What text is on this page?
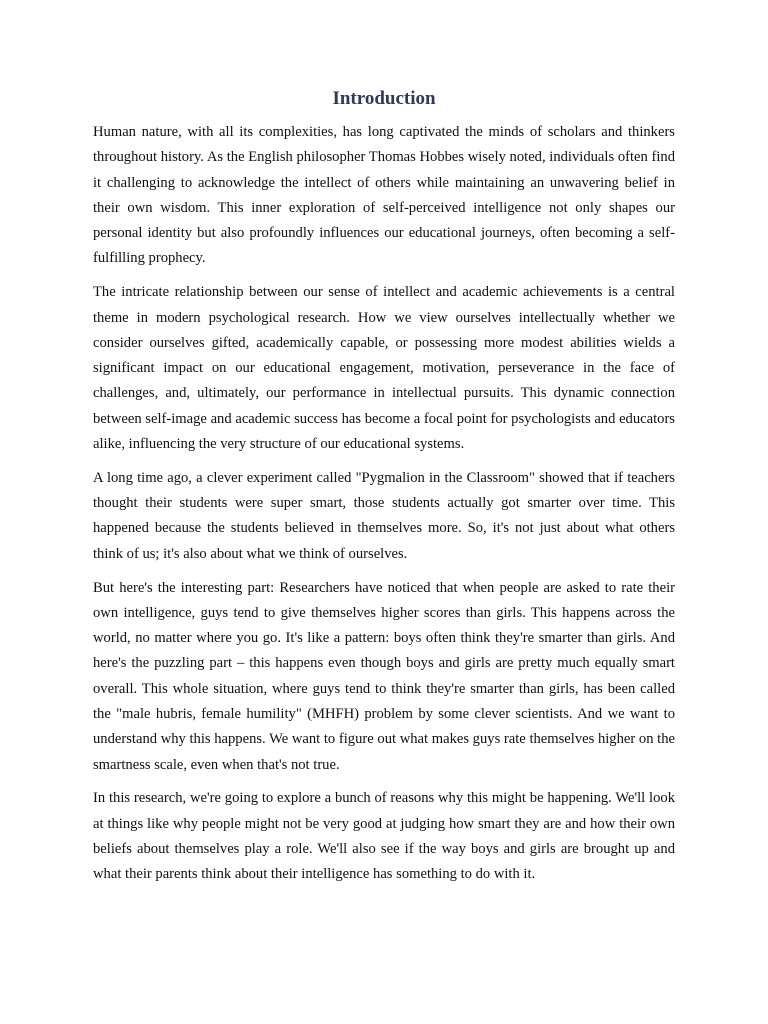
Introduction

Human nature, with all its complexities, has long captivated the minds of scholars and thinkers throughout history. As the English philosopher Thomas Hobbes wisely noted, individuals often find it challenging to acknowledge the intellect of others while maintaining an unwavering belief in their own wisdom. This inner exploration of self-perceived intelligence not only shapes our personal identity but also profoundly influences our educational journeys, often becoming a self-fulfilling prophecy.

The intricate relationship between our sense of intellect and academic achievements is a central theme in modern psychological research. How we view ourselves intellectually whether we consider ourselves gifted, academically capable, or possessing more modest abilities wields a significant impact on our educational engagement, motivation, perseverance in the face of challenges, and, ultimately, our performance in intellectual pursuits. This dynamic connection between self-image and academic success has become a focal point for psychologists and educators alike, influencing the very structure of our educational systems.

A long time ago, a clever experiment called "Pygmalion in the Classroom" showed that if teachers thought their students were super smart, those students actually got smarter over time. This happened because the students believed in themselves more. So, it's not just about what others think of us; it's also about what we think of ourselves.

But here's the interesting part: Researchers have noticed that when people are asked to rate their own intelligence, guys tend to give themselves higher scores than girls. This happens across the world, no matter where you go. It's like a pattern: boys often think they're smarter than girls. And here's the puzzling part – this happens even though boys and girls are pretty much equally smart overall. This whole situation, where guys tend to think they're smarter than girls, has been called the "male hubris, female humility" (MHFH) problem by some clever scientists. And we want to understand why this happens. We want to figure out what makes guys rate themselves higher on the smartness scale, even when that's not true.

In this research, we're going to explore a bunch of reasons why this might be happening. We'll look at things like why people might not be very good at judging how smart they are and how their own beliefs about themselves play a role. We'll also see if the way boys and girls are brought up and what their parents think about their intelligence has something to do with it.
